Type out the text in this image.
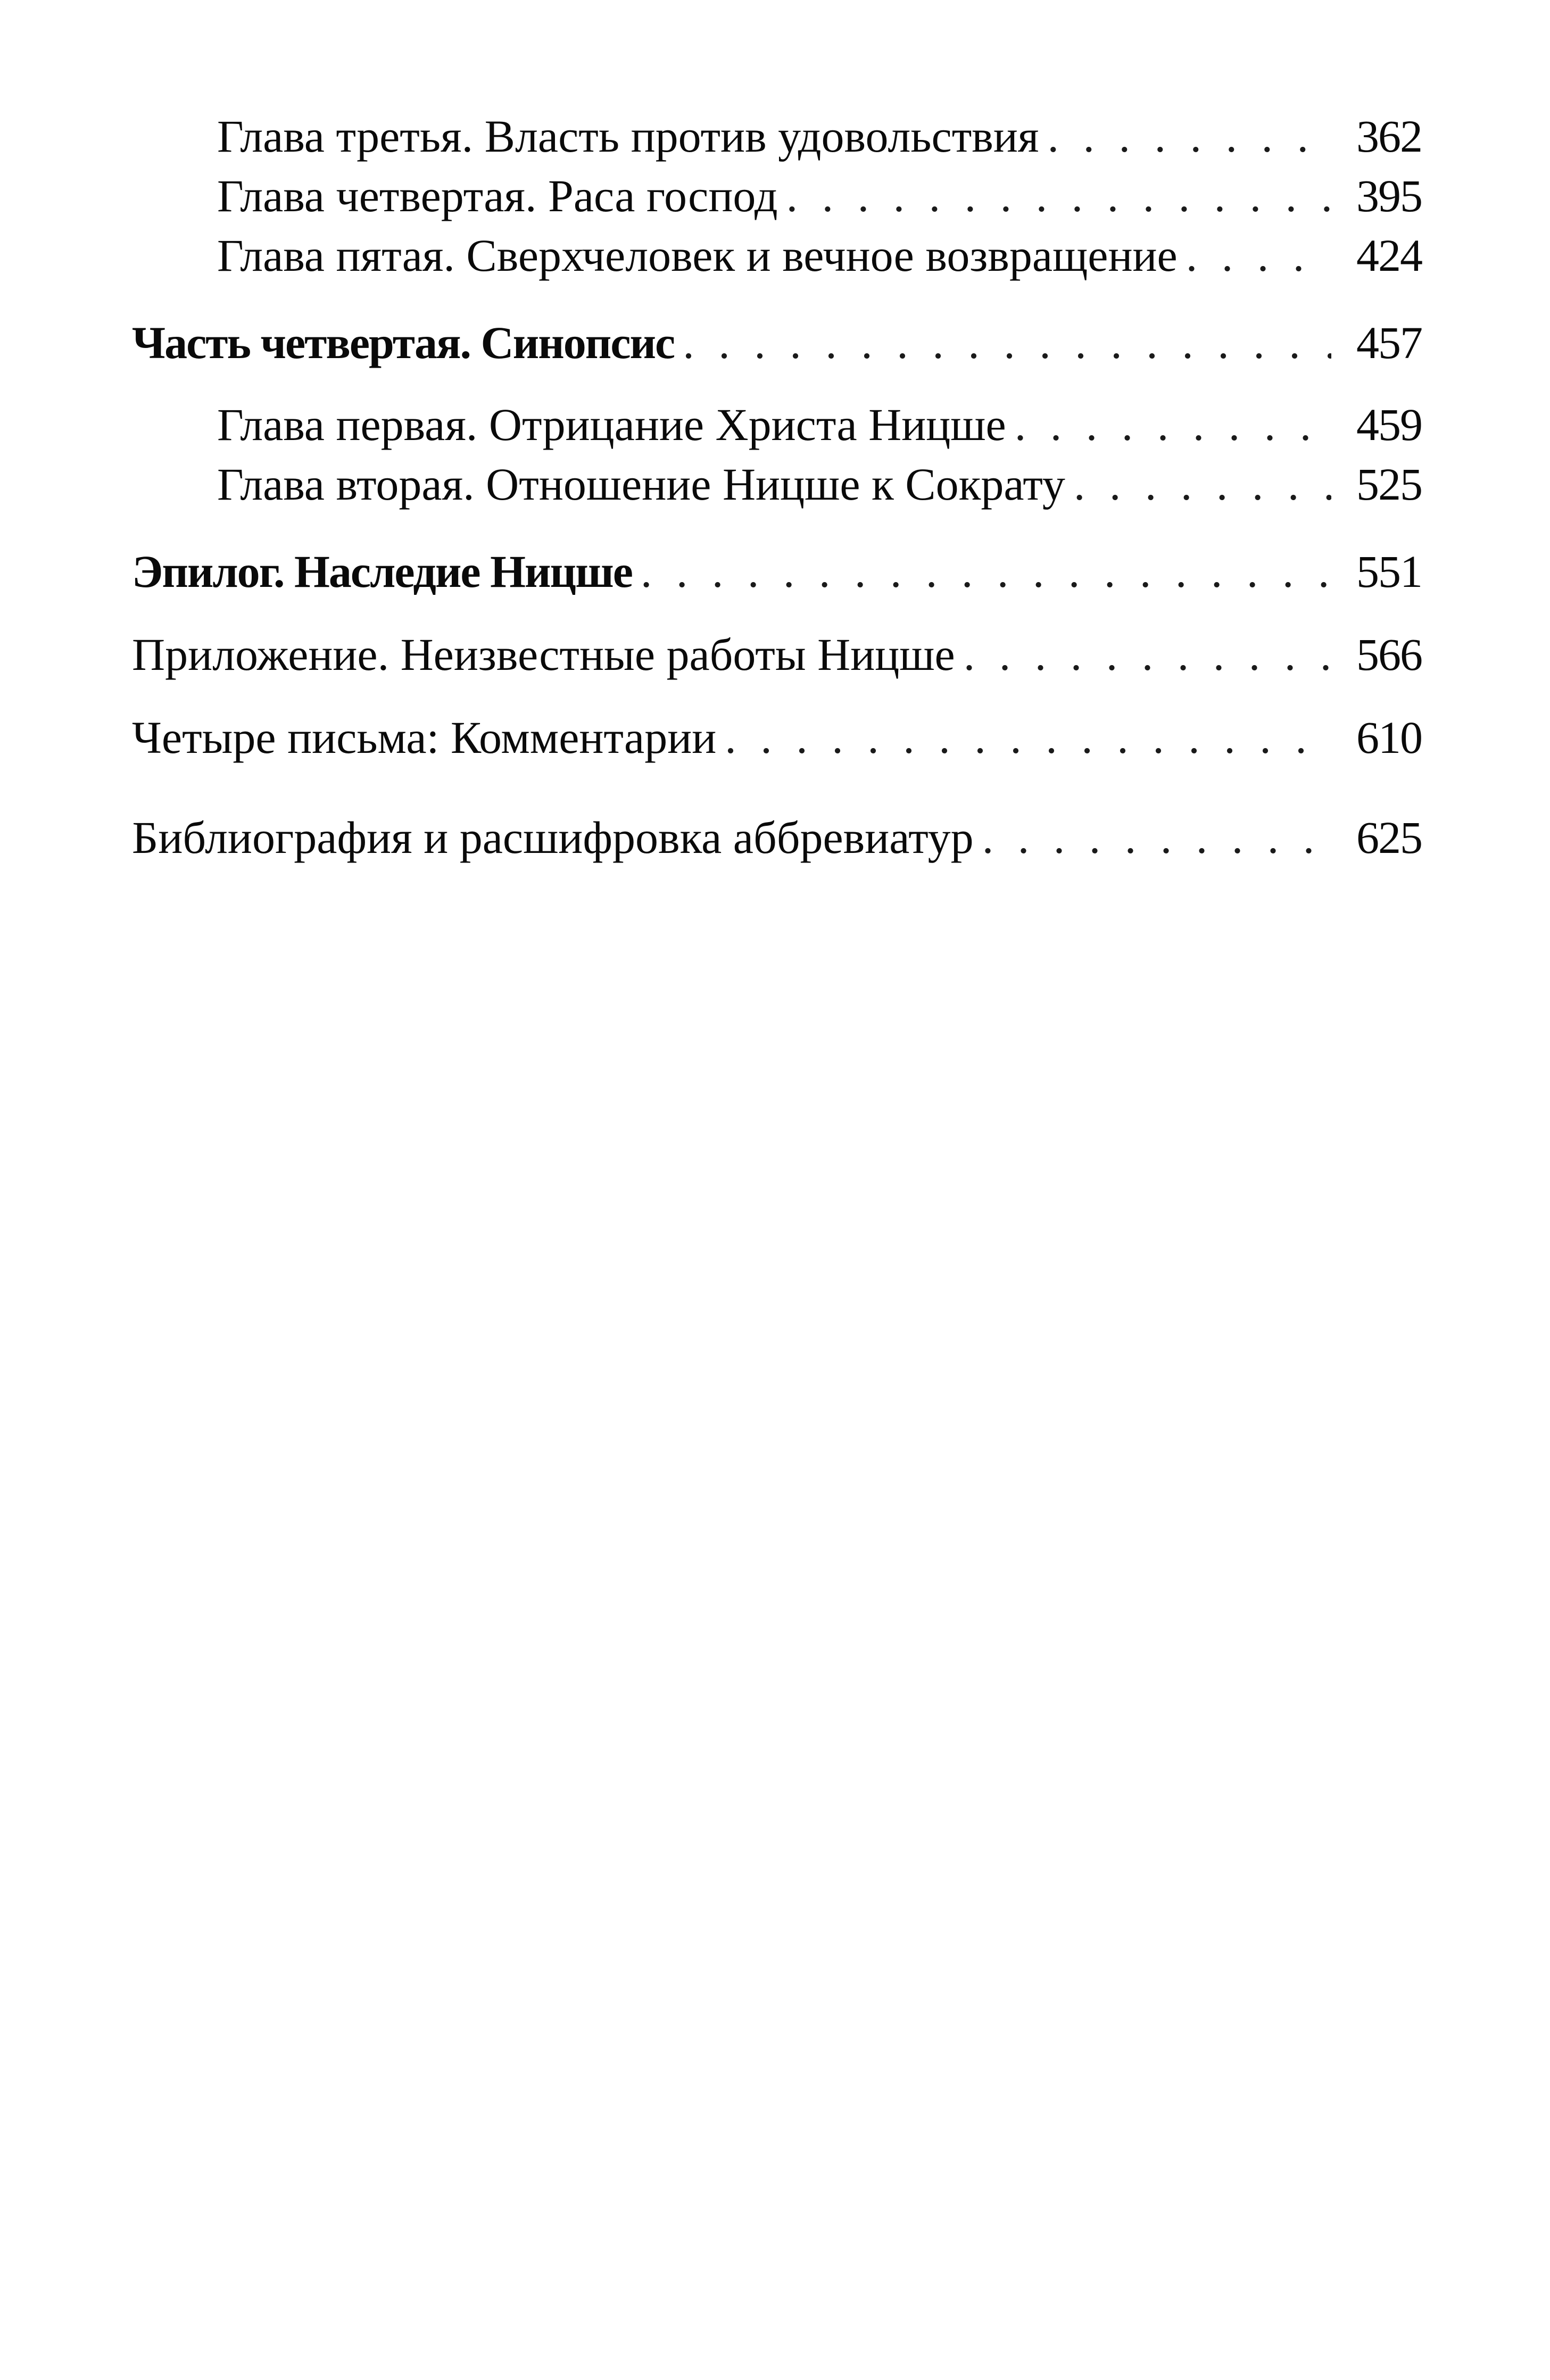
Глава третья. Власть против удовольствия . . .	362
Глава четвертая. Раса господ . . .	395
Глава пятая. Сверхчеловек и вечное возвращение . . .	424
Часть четвертая. Синопсис . . .	457
Глава первая. Отрицание Христа Ницше . . .	459
Глава вторая. Отношение Ницше к Сократу . . .	525
Эпилог. Наследие Ницше . . .	551
Приложение. Неизвестные работы Ницше . . .	566
Четыре письма: Комментарии . . .	610
Библиография и расшифровка аббревиатур . . .	625
